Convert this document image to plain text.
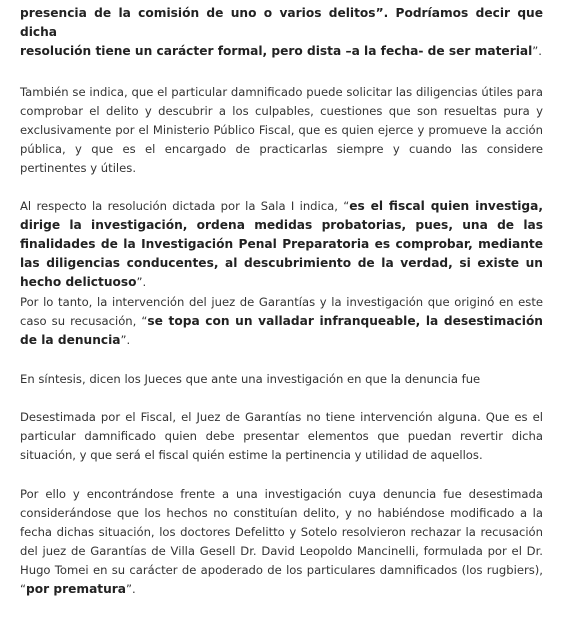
presencia de la comisión de uno o varios delitos”. Podríamos decir que dicha

resolución tiene un carácter formal, pero dista –a la fecha- de ser material”.

También se indica, que el particular damnificado puede solicitar las diligencias útiles para comprobar el delito y descubrir a los culpables, cuestiones que son resueltas pura y exclusivamente por el Ministerio Público Fiscal, que es quien ejerce y promueve la acción pública, y que es el encargado de practicarlas siempre y cuando las considere pertinentes y útiles.

Al respecto la resolución dictada por la Sala I indica, “es el fiscal quien investiga, dirige la investigación, ordena medidas probatorias, pues, una de las finalidades de la Investigación Penal Preparatoria es comprobar, mediante las diligencias conducentes, al descubrimiento de la verdad, si existe un hecho delictuoso”.

Por lo tanto, la intervención del juez de Garantías y la investigación que originó en este caso su recusación, “se topa con un valladar infranqueable, la desestimación de la denuncia”.

En síntesis, dicen los Jueces que ante una investigación en que la denuncia fue

Desestimada por el Fiscal, el Juez de Garantías no tiene intervención alguna. Que es el particular damnificado quien debe presentar elementos que puedan revertir dicha situación, y que será el fiscal quién estime la pertinencia y utilidad de aquellos.

Por ello y encontrándose frente a una investigación cuya denuncia fue desestimada considerándose que los hechos no constituían delito, y no habiéndose modificado a la fecha dichas situación, los doctores Defelitto y Sotelo resolvieron rechazar la recusación del juez de Garantías de Villa Gesell Dr. David Leopoldo Mancinelli, formulada por el Dr. Hugo Tomei en su carácter de apoderado de los particulares damnificados (los rugbiers), “por prematura”.
